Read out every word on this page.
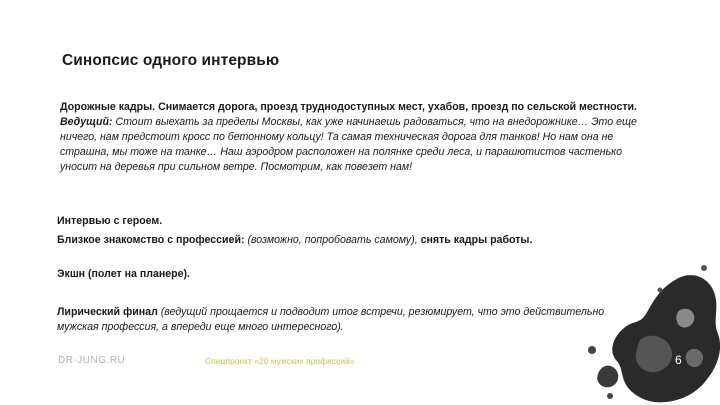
Синопсис одного интервью

Дорожные кадры. Снимается дорога, проезд труднодоступных мест, ухабов, проезд по сельской местности. Ведущий: Стоит выехать за пределы Москвы, как уже начинаешь радоваться, что на внедорожнике… Это еще ничего, нам предстоит кросс по бетонному кольцу! Та самая техническая дорога для танков! Но нам она не страшна, мы тоже на танке… Наш аэродром расположен на полянке среди леса, и парашютистов частенько уносит на деревья при сильном ветре. Посмотрим, как повезет нам!

Интервью с героем.

Близкое знакомство с профессией: (возможно, попробовать самому), снять кадры работы.

Экшн (полет на планере).

Лирический финал (ведущий прощается и подводит итог встречи, резюмирует, что это действительно мужская профессия, а впереди еще много интересного).

DR-JUNG.RU	Спецпроект «20 мужских профессий»	6
